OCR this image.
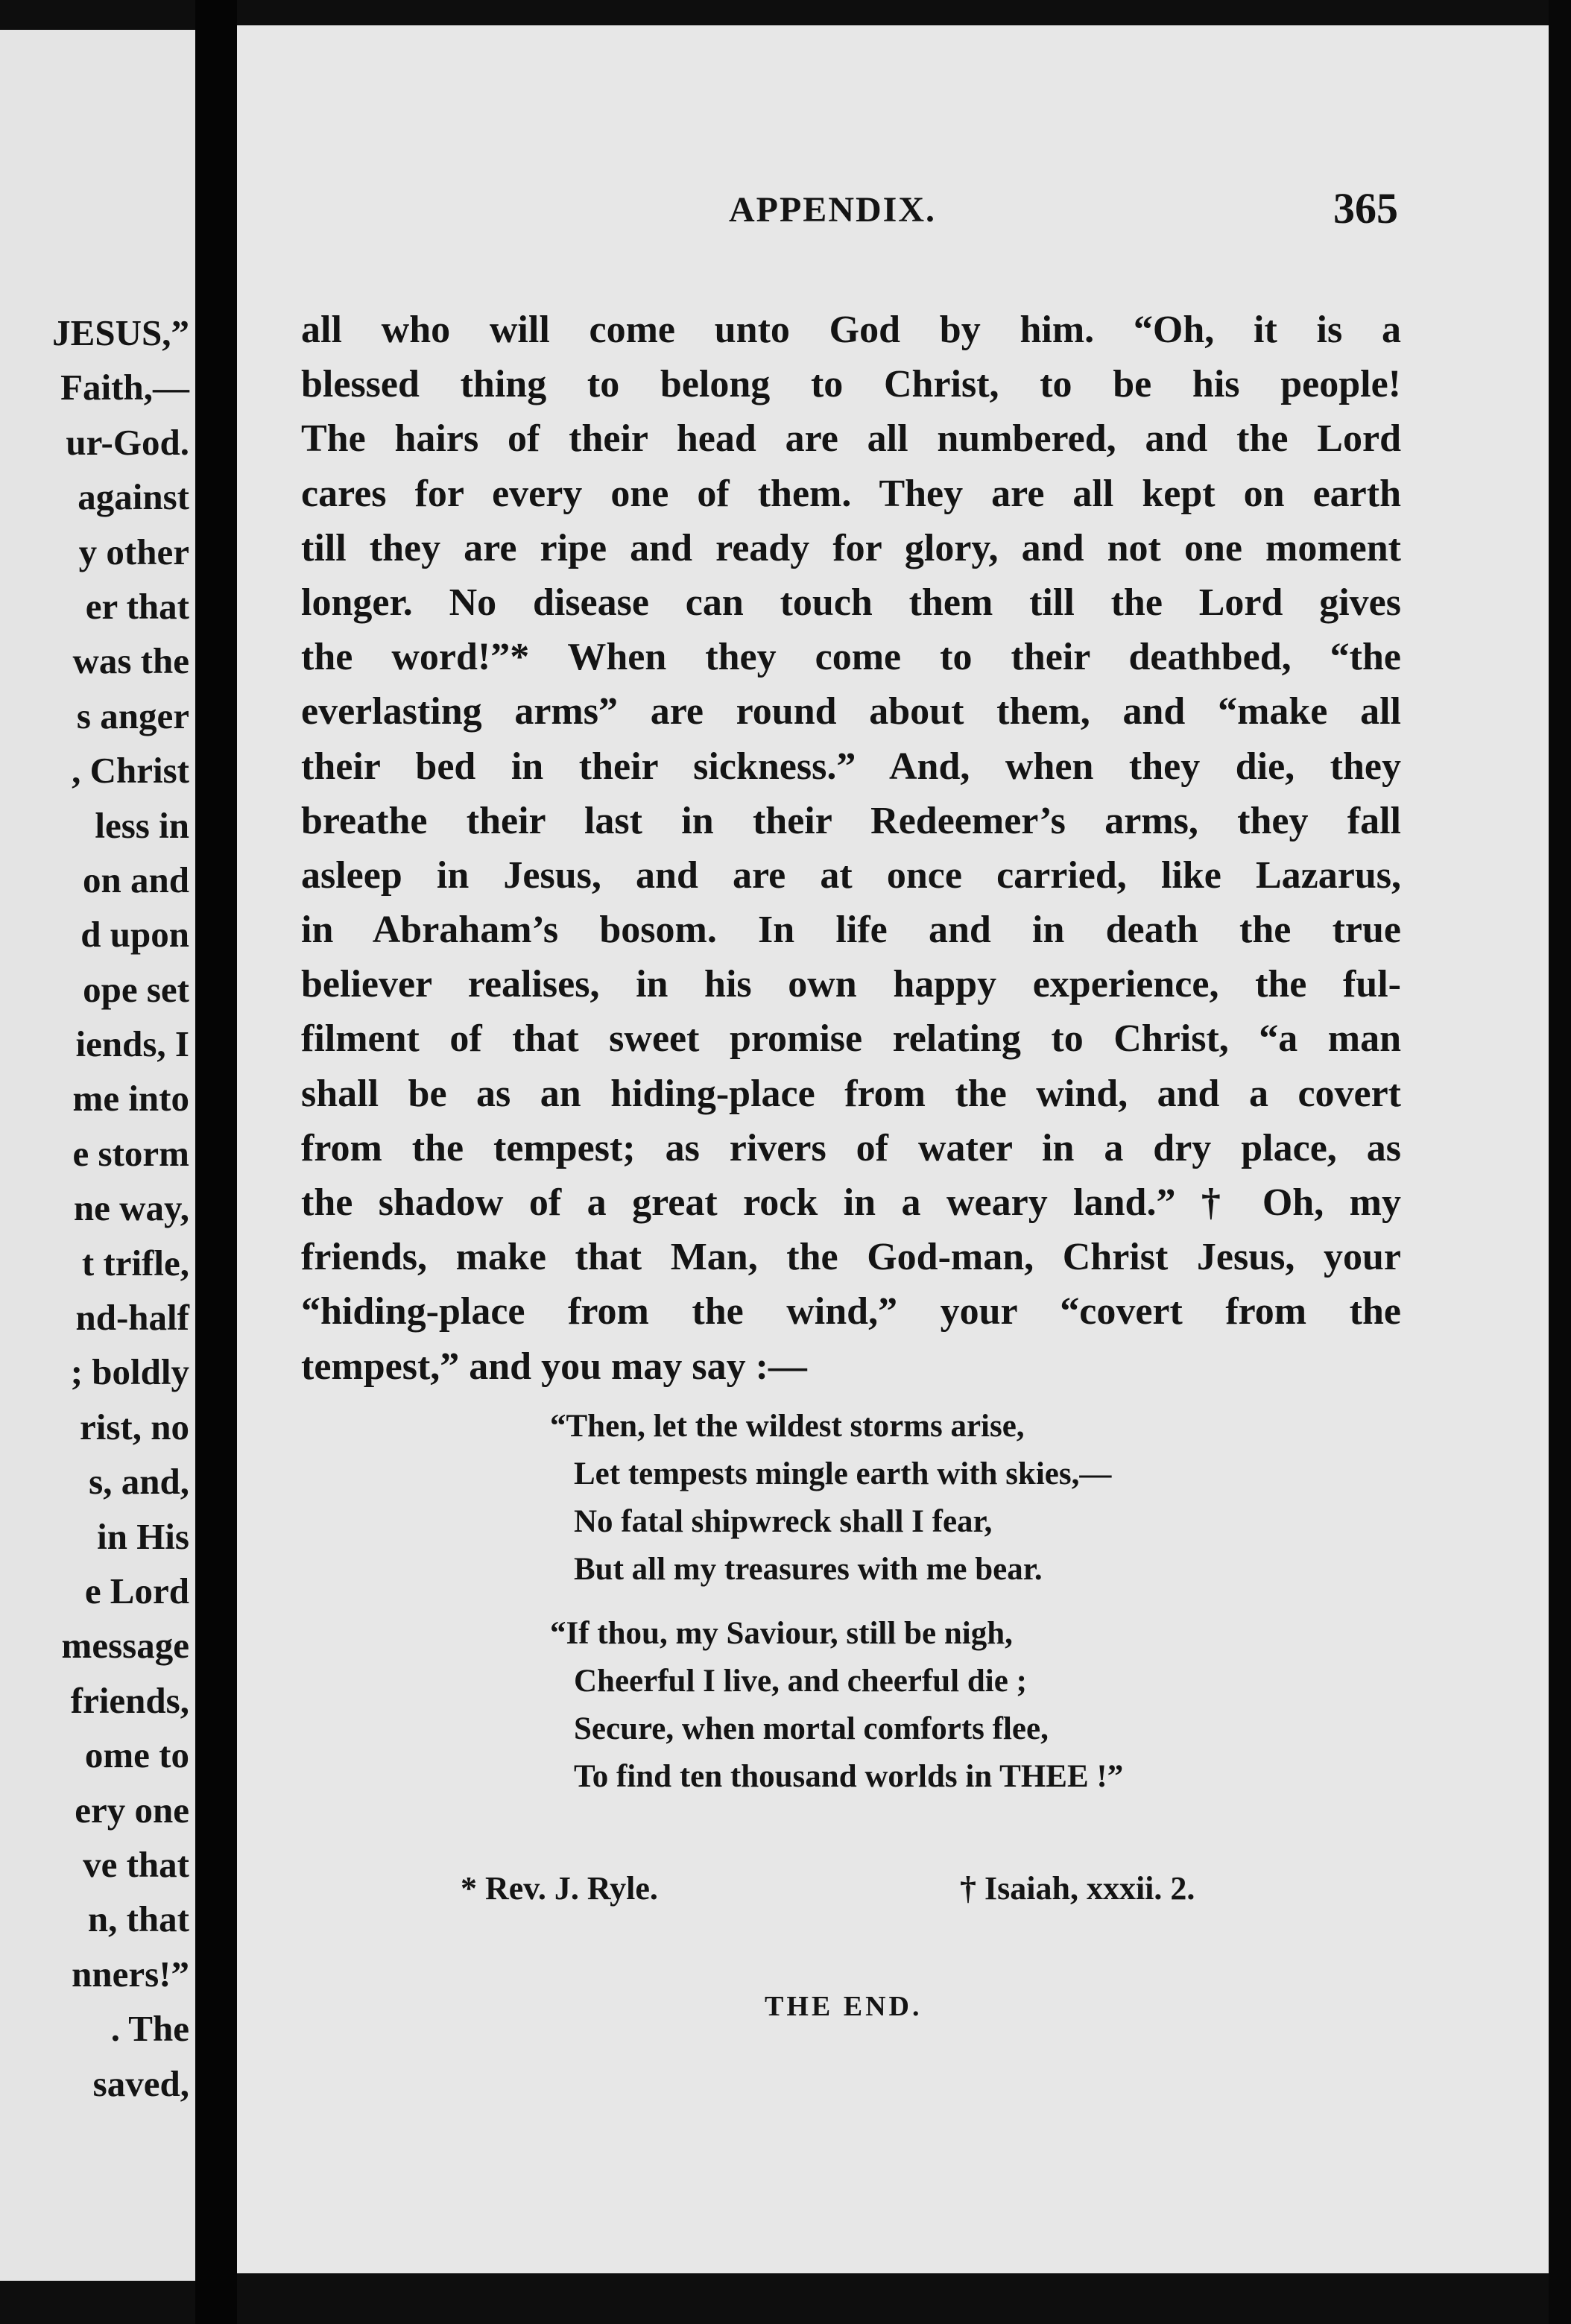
JESUS,”
Faith,—
ur-God.
against
y other
er that
was the
s anger
, Christ
less in
on and
d upon
ope set
iends, I
me into
e storm
ne way,
t trifle,
nd-half
; boldly
rist, no
s, and,
in His
e Lord
message
friends,
ome to
ery one
ve that
n, that
nners!”
. The
saved,
APPENDIX.	365
all who will come unto God by him. “Oh, it is a
blessed thing to belong to Christ, to be his people!
The hairs of their head are all numbered, and the Lord
cares for every one of them. They are all kept on earth
till they are ripe and ready for glory, and not one moment
longer. No disease can touch them till the Lord gives
the word!”* When they come to their deathbed, “the
everlasting arms” are round about them, and “make all
their bed in their sickness.” And, when they die, they
breathe their last in their Redeemer’s arms, they fall
asleep in Jesus, and are at once carried, like Lazarus,
in Abraham’s bosom. In life and in death the true
believer realises, in his own happy experience, the ful-
filment of that sweet promise relating to Christ, “a man
shall be as an hiding-place from the wind, and a covert
from the tempest; as rivers of water in a dry place, as
the shadow of a great rock in a weary land.” † Oh, my
friends, make that Man, the God-man, Christ Jesus, your
“hiding-place from the wind,” your “covert from the
tempest,” and you may say :—
“Then, let the wildest storms arise,
Let tempests mingle earth with skies,—
No fatal shipwreck shall I fear,
But all my treasures with me bear.
“If thou, my Saviour, still be nigh,
Cheerful I live, and cheerful die ;
Secure, when mortal comforts flee,
To find ten thousand worlds in THEE !”
* Rev. J. Ryle.	† Isaiah, xxxii. 2.
THE END.
